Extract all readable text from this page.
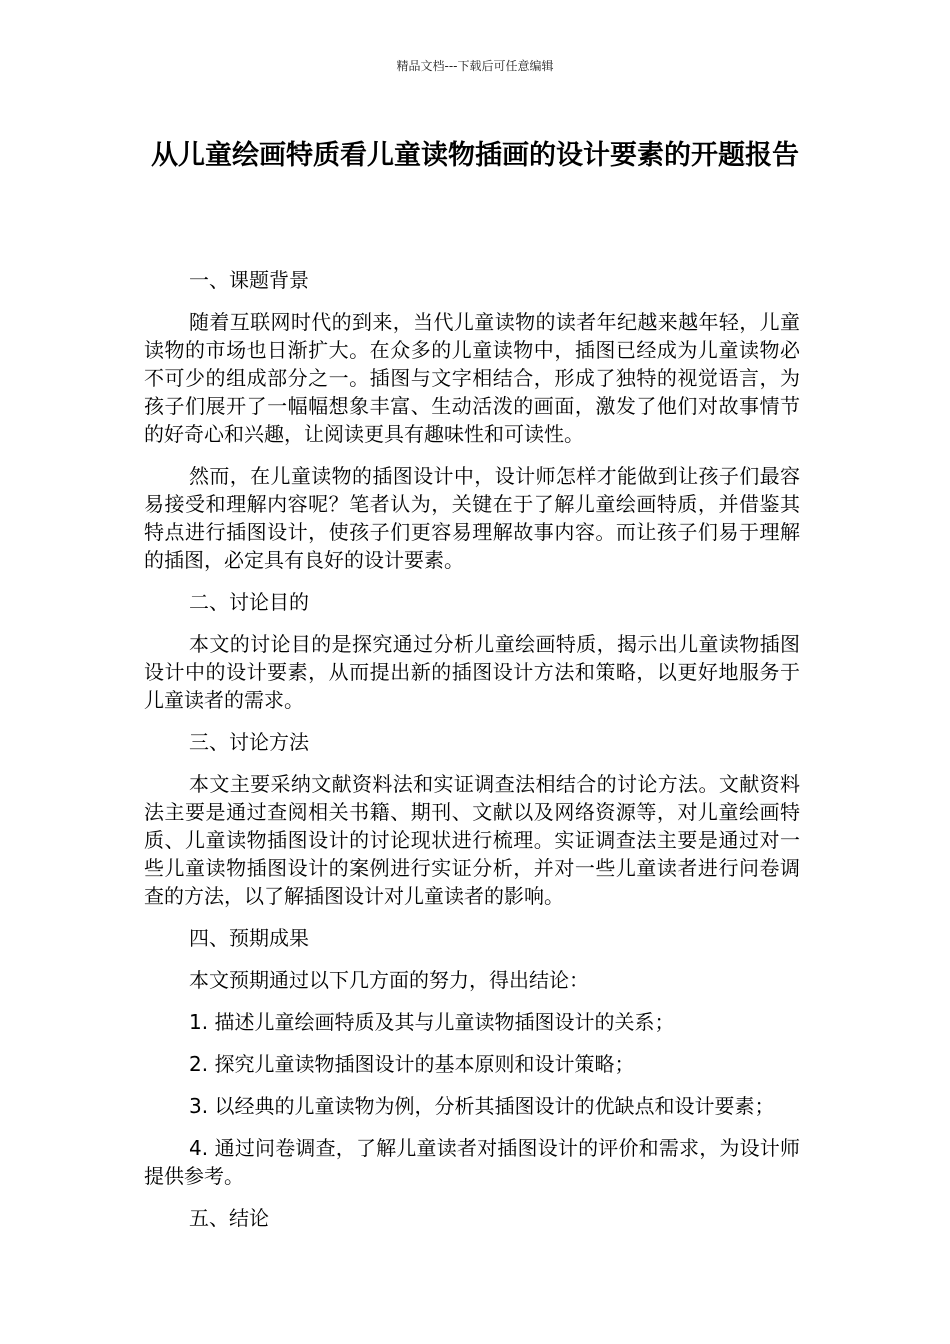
精品文档---下载后可任意编辑
从儿童绘画特质看儿童读物插画的设计要素的开题报告
一、课题背景

随着互联网时代的到来，当代儿童读物的读者年纪越来越年轻，儿童读物的市场也日渐扩大。在众多的儿童读物中，插图已经成为儿童读物必不可少的组成部分之一。插图与文字相结合，形成了独特的视觉语言，为孩子们展开了一幅幅想象丰富、生动活泼的画面，激发了他们对故事情节的好奇心和兴趣，让阅读更具有趣味性和可读性。

然而，在儿童读物的插图设计中，设计师怎样才能做到让孩子们最容易接受和理解内容呢？笔者认为，关键在于了解儿童绘画特质，并借鉴其特点进行插图设计，使孩子们更容易理解故事内容。而让孩子们易于理解的插图，必定具有良好的设计要素。

二、讨论目的

本文的讨论目的是探究通过分析儿童绘画特质，揭示出儿童读物插图设计中的设计要素，从而提出新的插图设计方法和策略，以更好地服务于儿童读者的需求。

三、讨论方法

本文主要采纳文献资料法和实证调查法相结合的讨论方法。文献资料法主要是通过查阅相关书籍、期刊、文献以及网络资源等，对儿童绘画特质、儿童读物插图设计的讨论现状进行梳理。实证调查法主要是通过对一些儿童读物插图设计的案例进行实证分析，并对一些儿童读者进行问卷调查的方法，以了解插图设计对儿童读者的影响。

四、预期成果

本文预期通过以下几方面的努力，得出结论：

1. 描述儿童绘画特质及其与儿童读物插图设计的关系；

2. 探究儿童读物插图设计的基本原则和设计策略；

3. 以经典的儿童读物为例，分析其插图设计的优缺点和设计要素；

4. 通过问卷调查，了解儿童读者对插图设计的评价和需求，为设计师提供参考。

五、结论
